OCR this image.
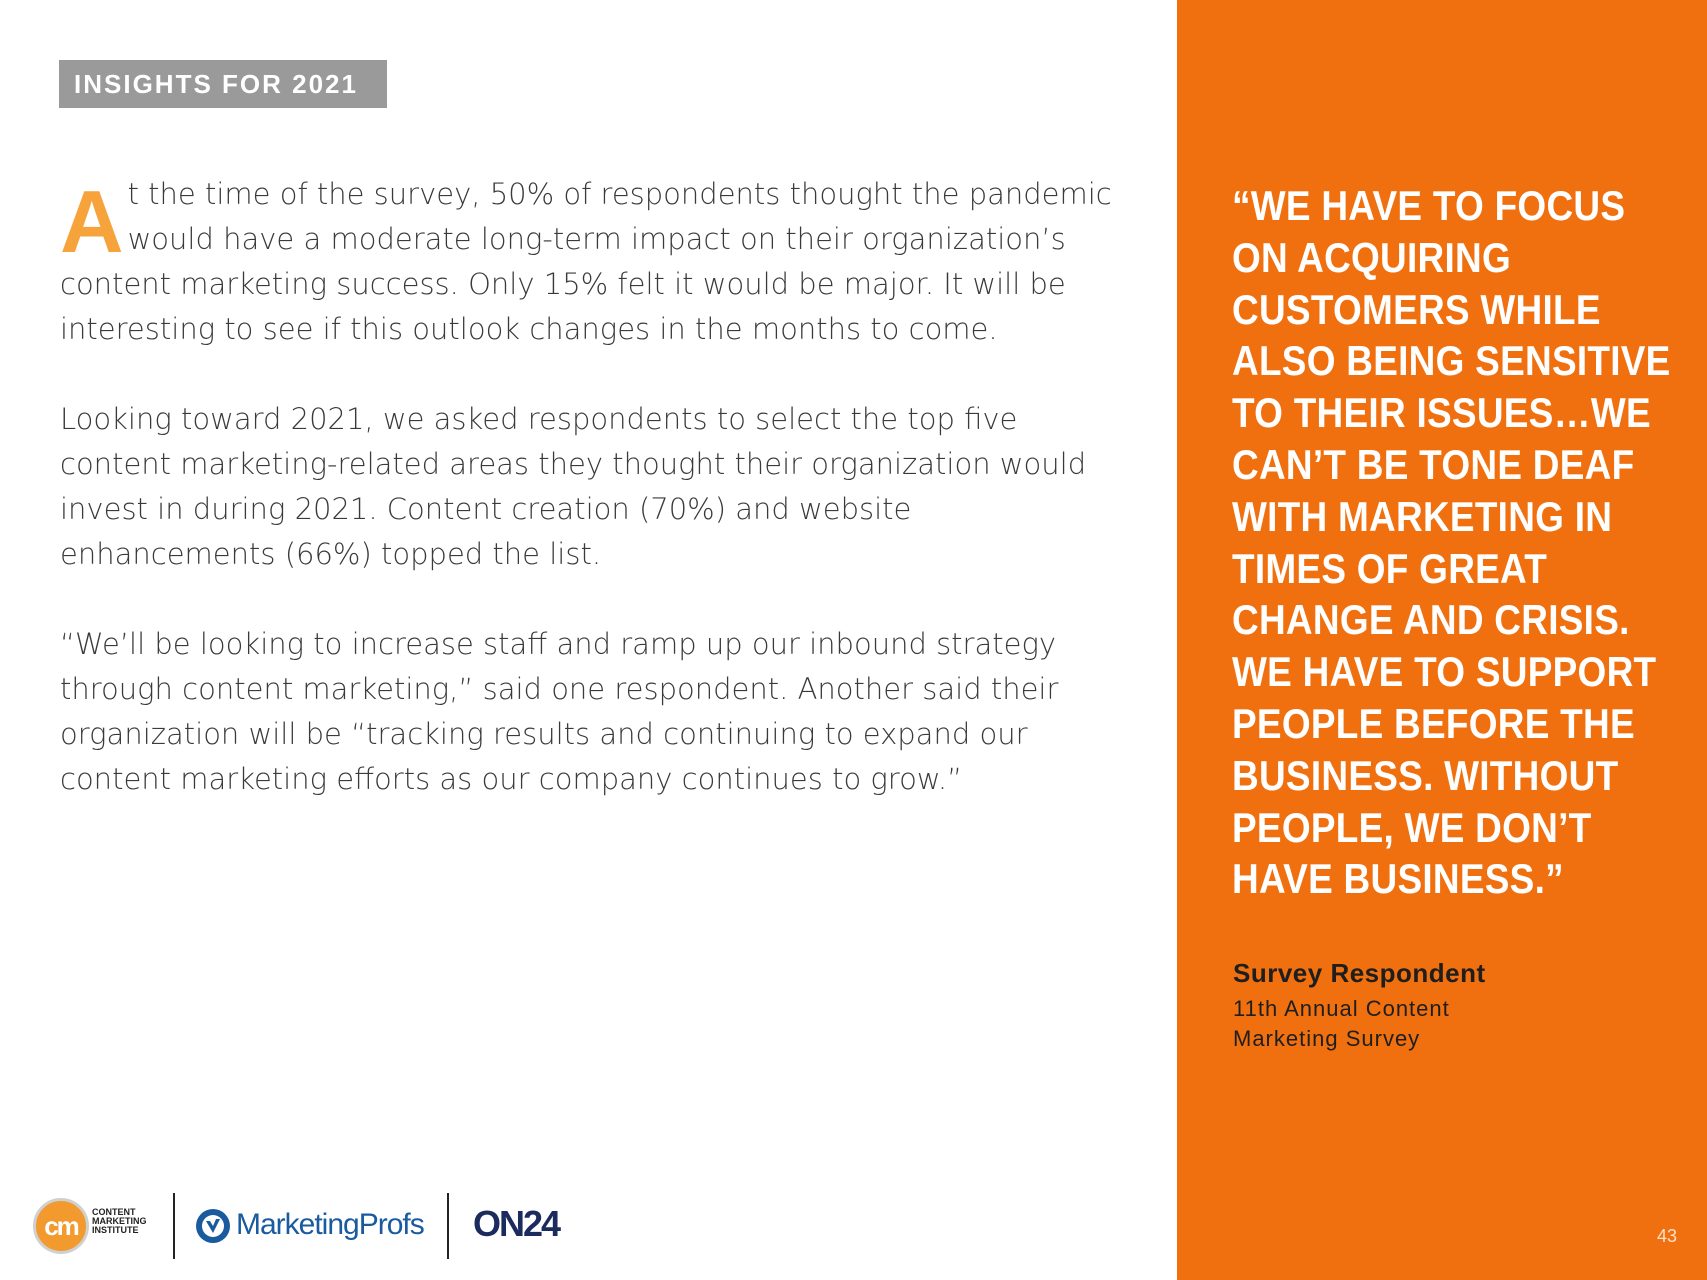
INSIGHTS FOR 2021

At the time of the survey, 50% of respondents thought the pandemic would have a moderate long-term impact on their organization’s content marketing success. Only 15% felt it would be major. It will be interesting to see if this outlook changes in the months to come.

Looking toward 2021, we asked respondents to select the top five content marketing-related areas they thought their organization would invest in during 2021. Content creation (70%) and website enhancements (66%) topped the list.

“We’ll be looking to increase staff and ramp up our inbound strategy through content marketing,” said one respondent. Another said their organization will be “tracking results and continuing to expand our content marketing efforts as our company continues to grow.”

cm	CONTENT MARKETING INSTITUTE	MarketingProfs ON24
“WE HAVE TO FOCUS ON ACQUIRING CUSTOMERS WHILE ALSO BEING SENSITIVE TO THEIR ISSUES…WE CAN’T BE TONE DEAF WITH MARKETING IN TIMES OF GREAT CHANGE AND CRISIS. WE HAVE TO SUPPORT PEOPLE BEFORE THE BUSINESS. WITHOUT PEOPLE, WE DON’T HAVE BUSINESS.”
Survey Respondent
11th Annual Content Marketing Survey
43
